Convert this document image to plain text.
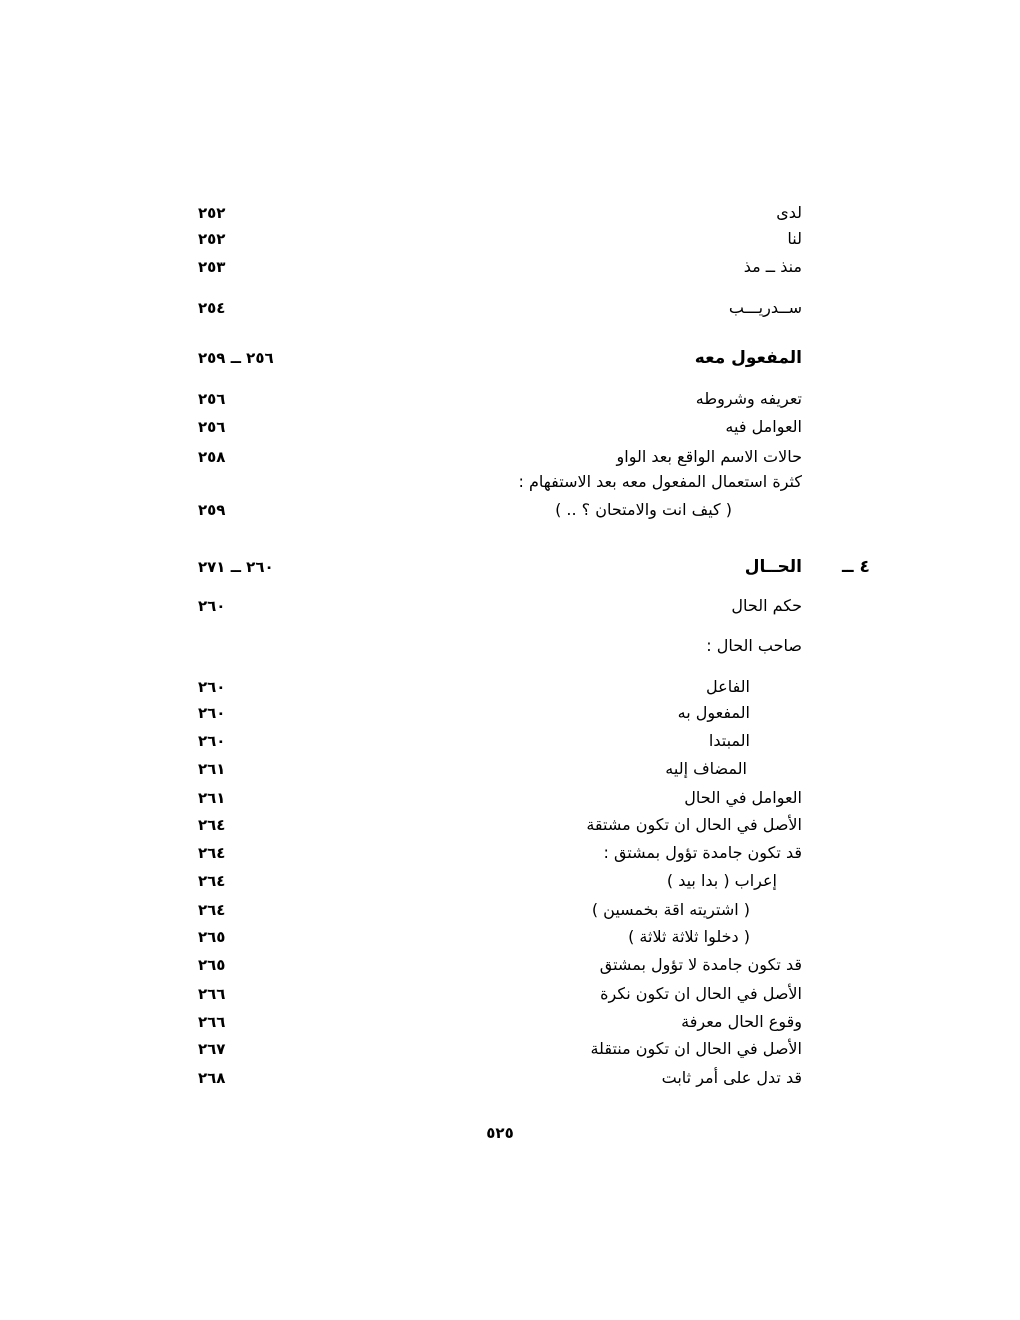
لدى
٢٥٢
لنا
٢٥٢
منذ ــ مذ
٢٥٣
ســدريـــب
٢٥٤
المفعول معه
٢٥٦ ــ ٢٥٩
تعريفه وشروطه
٢٥٦
العوامل فيه
٢٥٦
حالات الاسم الواقع بعد الواو
٢٥٨
كثرة استعمال المفعول معه بعد الاستفهام :
( كيف انت والامتحان ؟ .. )
٢٥٩
الحــال ٤ ــ
٢٦٠ ــ ٢٧١
حكم الحال
٢٦٠
صاحب الحال :
الفاعل
٢٦٠
المفعول به
٢٦٠
المبتدا
٢٦٠
المضاف إليه
٢٦١
العوامل في الحال
٢٦١
الأصل في الحال ان تكون مشتقة
٢٦٤
قد تكون جامدة تؤول بمشتق :
٢٦٤
إعراب ( بدا بيد )
٢٦٤
( اشتريته اقة بخمسين )
٢٦٤
( دخلوا ثلاثة ثلاثة )
٢٦٥
قد تكون جامدة لا تؤول بمشتق
٢٦٥
الأصل في الحال ان تكون نكرة
٢٦٦
وقوع الحال معرفة
٢٦٦
الأصل في الحال ان تكون منتقلة
٢٦٧
قد تدل على أمر ثابت
٢٦٨
٥٢٥
